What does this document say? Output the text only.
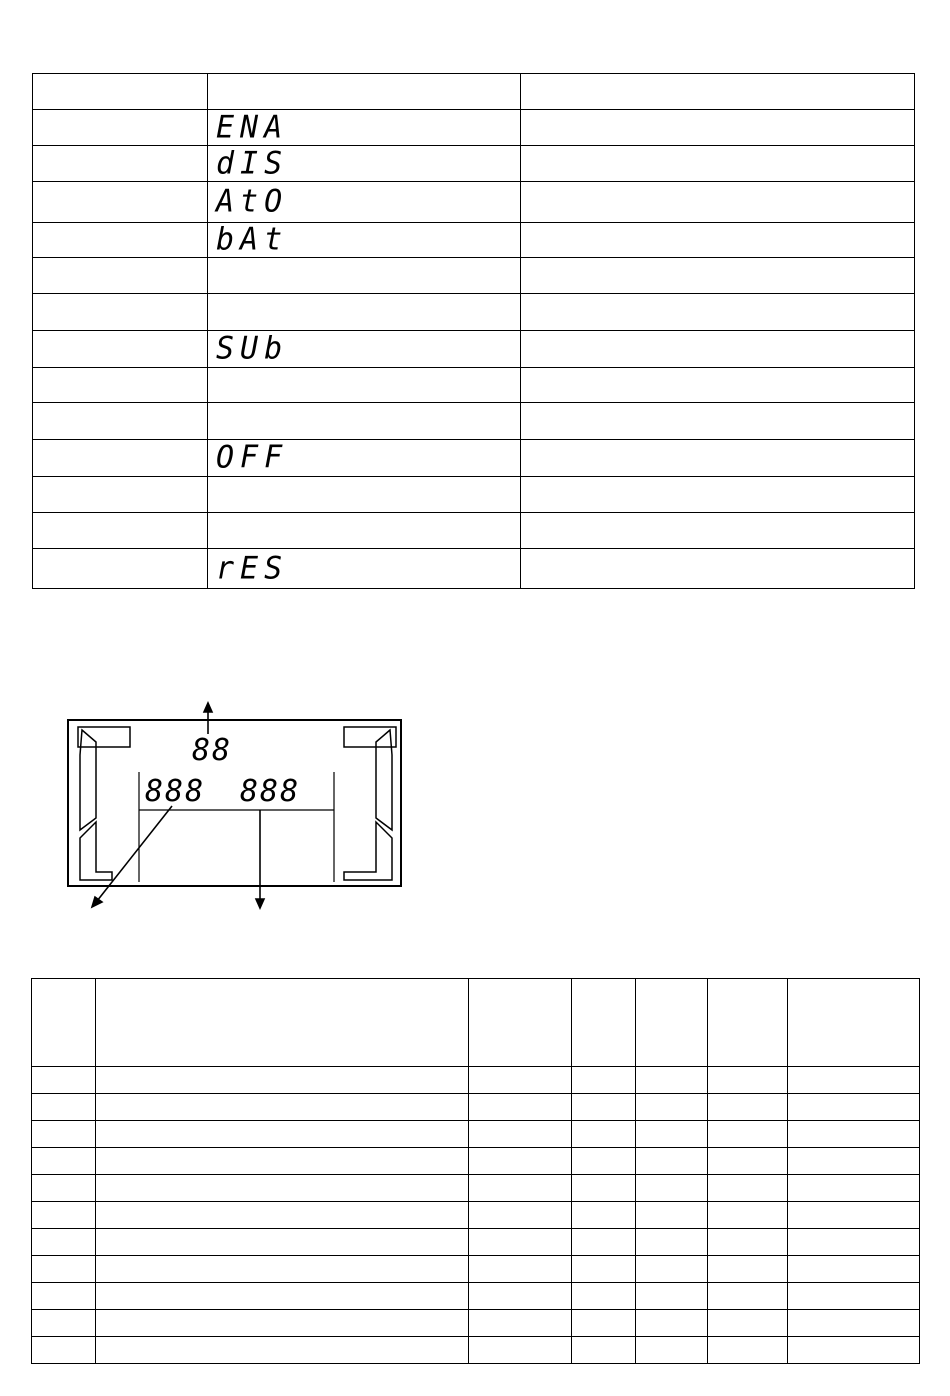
	ENA	
	dIS	
	AtO	
	bAt	

	SUb	

	OFF	

	rES	
88
888 888
